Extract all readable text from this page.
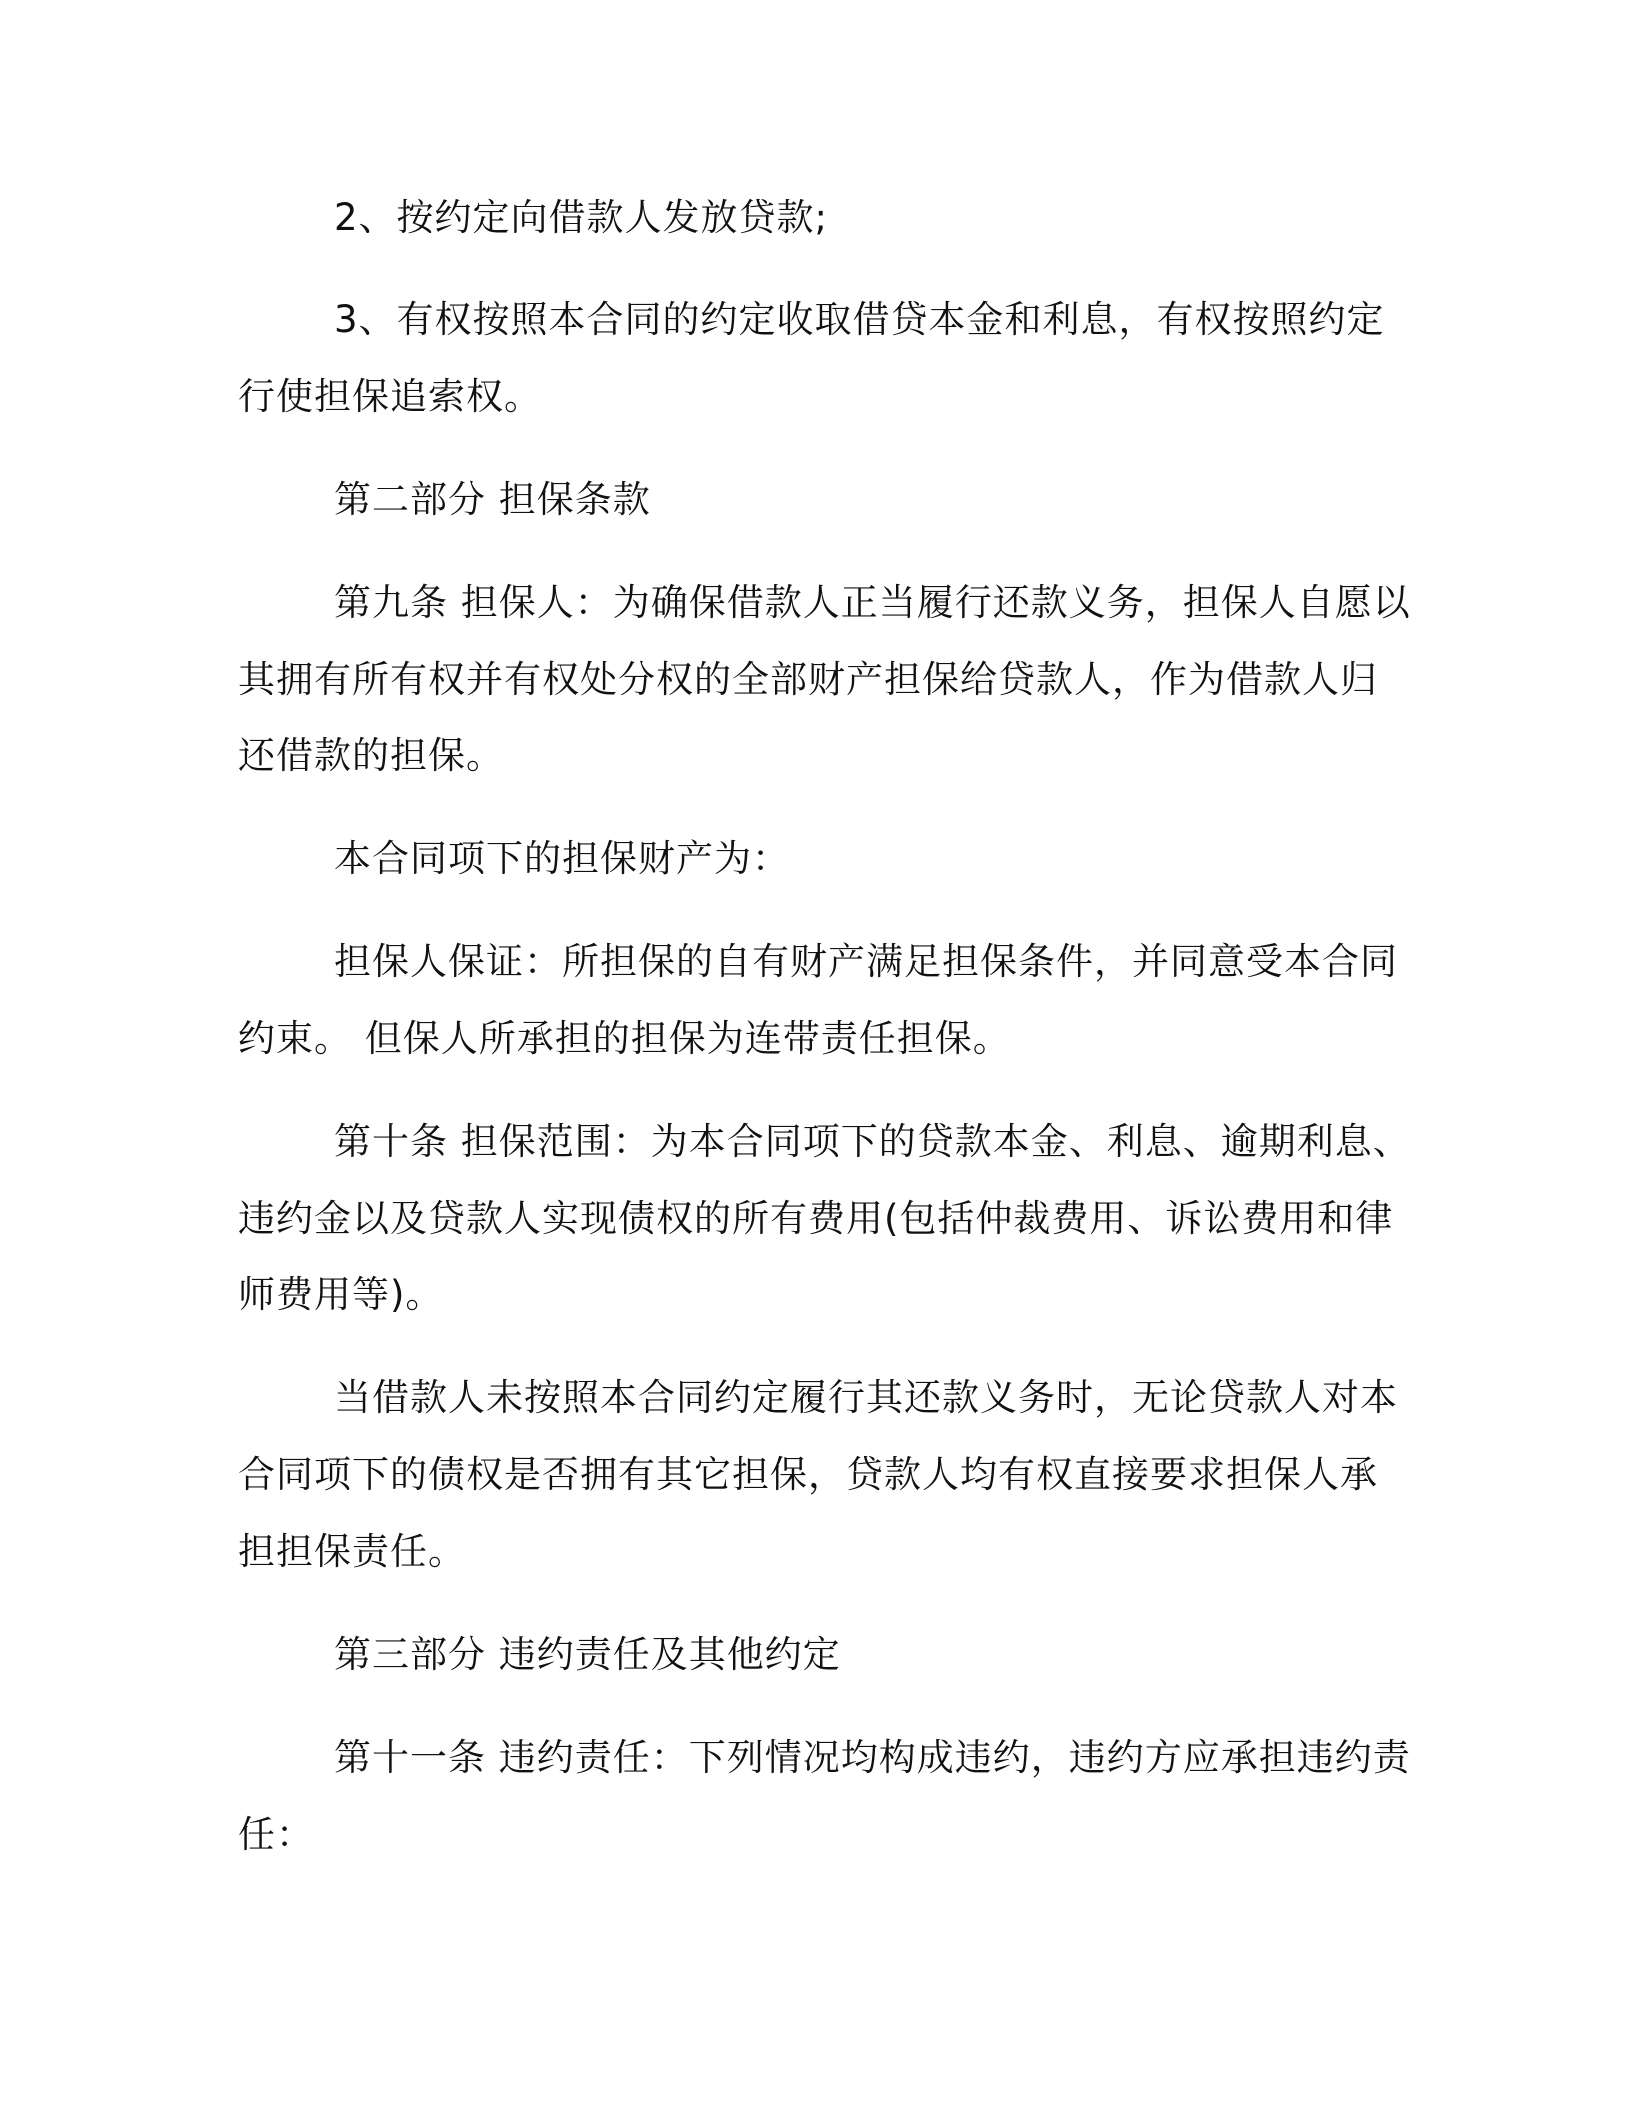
2、按约定向借款人发放贷款;
3、有权按照本合同的约定收取借贷本金和利息，有权按照约定
行使担保追索权。
第二部分 担保条款
第九条 担保人：为确保借款人正当履行还款义务，担保人自愿以
其拥有所有权并有权处分权的全部财产担保给贷款人，作为借款人归
还借款的担保。
本合同项下的担保财产为：
担保人保证：所担保的自有财产满足担保条件，并同意受本合同
约束。 但保人所承担的担保为连带责任担保。
第十条 担保范围：为本合同项下的贷款本金、利息、逾期利息、
违约金以及贷款人实现债权的所有费用(包括仲裁费用、诉讼费用和律
师费用等)。
当借款人未按照本合同约定履行其还款义务时，无论贷款人对本
合同项下的债权是否拥有其它担保，贷款人均有权直接要求担保人承
担担保责任。
第三部分 违约责任及其他约定
第十一条 违约责任：下列情况均构成违约，违约方应承担违约责
任：
